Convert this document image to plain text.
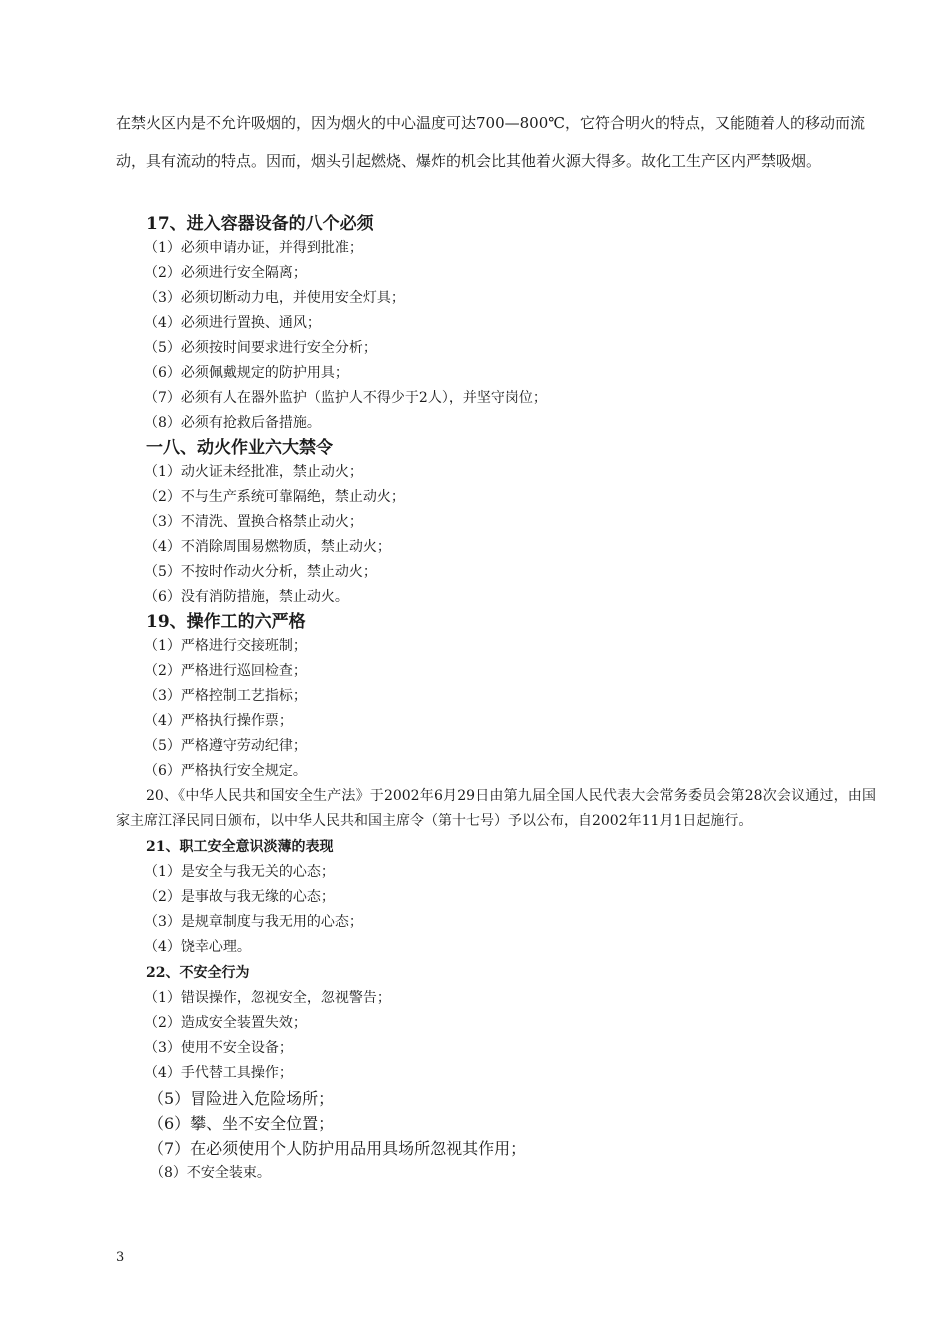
在禁火区内是不允许吸烟的，因为烟火的中心温度可达700—800℃，它符合明火的特点，又能随着人的移动而流动，具有流动的特点。因而，烟头引起燃烧、爆炸的机会比其他着火源大得多。故化工生产区内严禁吸烟。

17、进入容器设备的八个必须

（1）必须申请办证，并得到批准；

（2）必须进行安全隔离；

（3）必须切断动力电，并使用安全灯具；

（4）必须进行置换、通风；

（5）必须按时间要求进行安全分析；

（6）必须佩戴规定的防护用具；

（7）必须有人在器外监护（监护人不得少于2人），并坚守岗位；

（8）必须有抢救后备措施。

一八、动火作业六大禁令

（1）动火证未经批准，禁止动火；

（2）不与生产系统可靠隔绝，禁止动火；

（3）不清洗、置换合格禁止动火；

（4）不消除周围易燃物质，禁止动火；

（5）不按时作动火分析，禁止动火；

（6）没有消防措施，禁止动火。

19、操作工的六严格

（1）严格进行交接班制；

（2）严格进行巡回检查；

（3）严格控制工艺指标；

（4）严格执行操作票；

（5）严格遵守劳动纪律；

（6）严格执行安全规定。

20、《中华人民共和国安全生产法》于2002年6月29日由第九届全国人民代表大会常务委员会第28次会议通过，由国家主席江泽民同日颁布，以中华人民共和国主席令（第十七号）予以公布，自2002年11月1日起施行。

21、职工安全意识淡薄的表现

（1）是安全与我无关的心态；

（2）是事故与我无缘的心态；

（3）是规章制度与我无用的心态；

（4）饶幸心理。

22、不安全行为

（1）错误操作，忽视安全，忽视警告；

（2）造成安全装置失效；

（3）使用不安全设备；

（4）手代替工具操作；

（5）冒险进入危险场所；

（6）攀、坐不安全位置；

（7）在必须使用个人防护用品用具场所忽视其作用；

（8）不安全装束。

3
